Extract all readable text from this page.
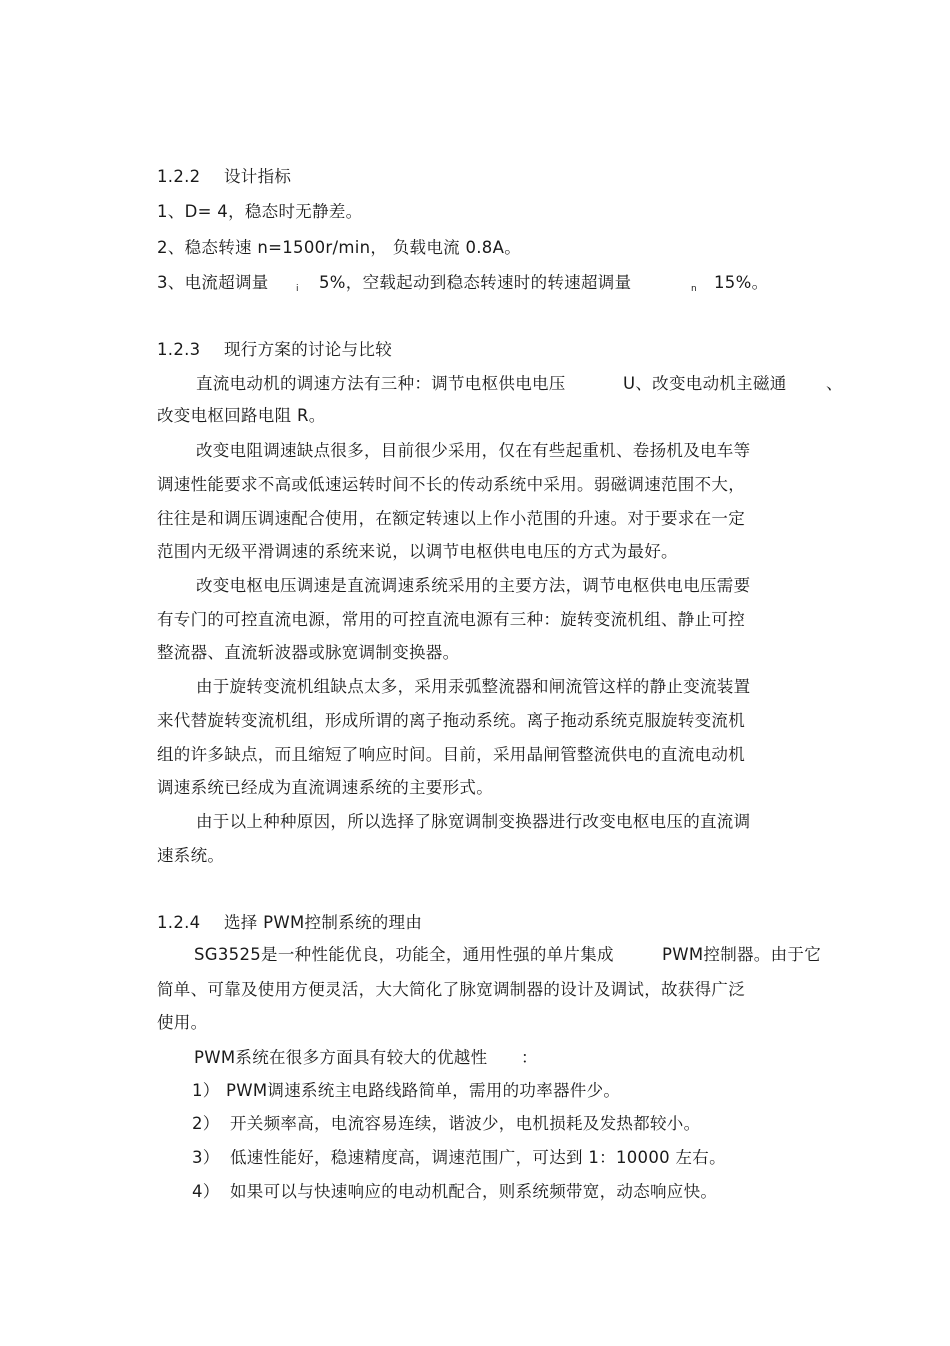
1.2.2 设计指标
1、D= 4，稳态时无静差。
2、稳态转速 n=1500r/min， 负载电流 0.8A。
3、电流超调量	i 5%，空载起动到稳态转速时的转速超调量	n 15%。
1.2.3 现行方案的讨论与比较
直流电动机的调速方法有三种：调节电枢供电电压	U、改变电动机主磁通 、
改变电枢回路电阻 R。
改变电阻调速缺点很多，目前很少采用，仅在有些起重机、卷扬机及电车等
调速性能要求不高或低速运转时间不长的传动系统中采用。弱磁调速范围不大，
往往是和调压调速配合使用，在额定转速以上作小范围的升速。对于要求在一定
范围内无级平滑调速的系统来说，以调节电枢供电电压的方式为最好。
改变电枢电压调速是直流调速系统采用的主要方法，调节电枢供电电压需要
有专门的可控直流电源，常用的可控直流电源有三种：旋转变流机组、静止可控
整流器、直流斩波器或脉宽调制变换器。
由于旋转变流机组缺点太多，采用汞弧整流器和闸流管这样的静止变流装置
来代替旋转变流机组，形成所谓的离子拖动系统。离子拖动系统克服旋转变流机
组的许多缺点，而且缩短了响应时间。目前，采用晶闸管整流供电的直流电动机
调速系统已经成为直流调速系统的主要形式。
由于以上种种原因，所以选择了脉宽调制变换器进行改变电枢电压的直流调
速系统。
1.2.4 选择 PWM控制系统的理由
SG3525是一种性能优良，功能全，通用性强的单片集成	PWM控制器。由于它
简单、可靠及使用方便灵活，大大简化了脉宽调制器的设计及调试，故获得广泛
使用。
PWM系统在很多方面具有较大的优越性 ：
1） PWM调速系统主电路线路简单，需用的功率器件少。
2） 开关频率高，电流容易连续，谐波少，电机损耗及发热都较小。
3） 低速性能好，稳速精度高，调速范围广，可达到 1：10000 左右。
4） 如果可以与快速响应的电动机配合，则系统频带宽，动态响应快。
